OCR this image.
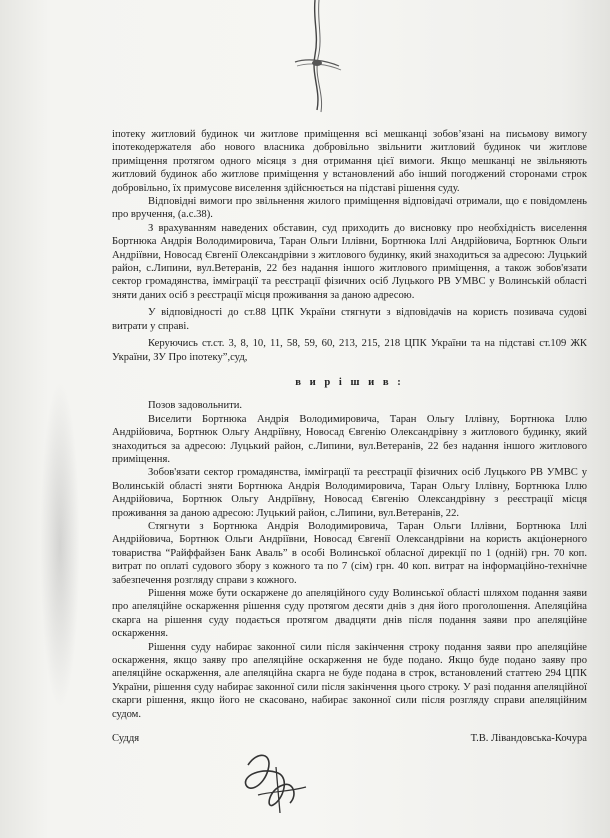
іпотеку житловий будинок чи житлове приміщення всі мешканці зобов’язані на письмову вимогу іпотекодержателя або нового власника добровільно звільнити житловий будинок чи житлове приміщення протягом одного місяця з дня отримання цієї вимоги. Якщо мешканці не звільняють житловий будинок або житлове приміщення у встановлений або інший погоджений сторонами строк добровільно, їх примусове виселення здійснюється на підставі рішення суду.

Відповідні вимоги про звільнення жилого приміщення відповідачі отримали, що є повідомлень про вручення, (а.с.38).

З врахуванням наведених обставин, суд приходить до висновку про необхідність виселення Бортнюка Андрія Володимировича, Таран Ольги Іллівни, Бортнюка Іллі Андрійовича, Бортнюк Ольги Андріївни, Новосад Євгенії Олександрівни з житлового будинку, який знаходиться за адресою: Луцький район, с.Липини, вул.Ветеранів, 22 без надання іншого житлового приміщення, а також зобов'язати сектор громадянства, іммiграцiї та реєстрації фізичних осіб Луцького РВ УМВС у Волинській області зняти даних осіб з реєстрації місця проживання за даною адресою.

У відповідності до ст.88 ЦПК України стягнути з відповідачів на користь позивача судові витрати у справі.

Керуючись ст.ст. 3, 8, 10, 11, 58, 59, 60, 213, 215, 218 ЦПК України та на підставі ст.109 ЖК України, ЗУ Про іпотеку”,суд,

в и р і ш и в :

Позов задовольнити.

Виселити Бортнюка Андрія Володимировича, Таран Ольгу Іллівну, Бортнюка Іллю Андрійовича, Бортнюк Ольгу Андріївну, Новосад Євгенію Олександрівну з житлового будинку, який знаходиться за адресою: Луцький район, с.Липини, вул.Ветеранів, 22 без надання іншого житлового приміщення.

Зобов'язати сектор громадянства, імміграції та реєстрації фізичних осіб Луцького РВ УМВС у Волинській області зняти Бортнюка Андрія Володимировича, Таран Ольгу Іллівну, Бортнюка Іллю Андрійовича, Бортнюк Ольгу Андріївну, Новосад Євгенію Олександрівну з реєстрації місця проживання за даною адресою: Луцький район, с.Липини, вул.Ветеранів, 22.

Стягнути з Бортнюка Андрія Володимировича, Таран Ольги Іллівни, Бортнюка Іллі Андрійовича, Бортнюк Ольги Андріївни, Новосад Євгенії Олександрівни на користь акціонерного товариства “Райффайзен Банк Аваль” в особі Волинської обласної дирекції по 1 (одній) грн. 70 коп. витрат по оплаті судового збору з кожного та по 7 (сім) грн. 40 коп. витрат на інформаційно-технічне забезпечення розгляду справи з кожного.

Рішення може бути оскаржене до апеляційного суду Волинської області шляхом подання заяви про апеляційне оскарження рішення суду протягом десяти днів з дня його проголошення. Апеляційна скарга на рішення суду подається протягом двадцяти днів після подання заяви про апеляційне оскарження.

Рішення суду набирає законної сили після закінчення строку подання заяви про апеляційне оскарження, якщо заяву про апеляційне оскарження не буде подано. Якщо буде подано заяву про апеляційне оскарження, але апеляційна скарга не буде подана в строк, встановлений статтею 294 ЦПК України, рішення суду набирає законної сили після закінчення цього строку. У разі подання апеляційної скарги рішення, якщо його не скасовано, набирає законної сили після розгляду справи апеляційним судом.

Суддя	Т.В. Лівандовська-Кочура
